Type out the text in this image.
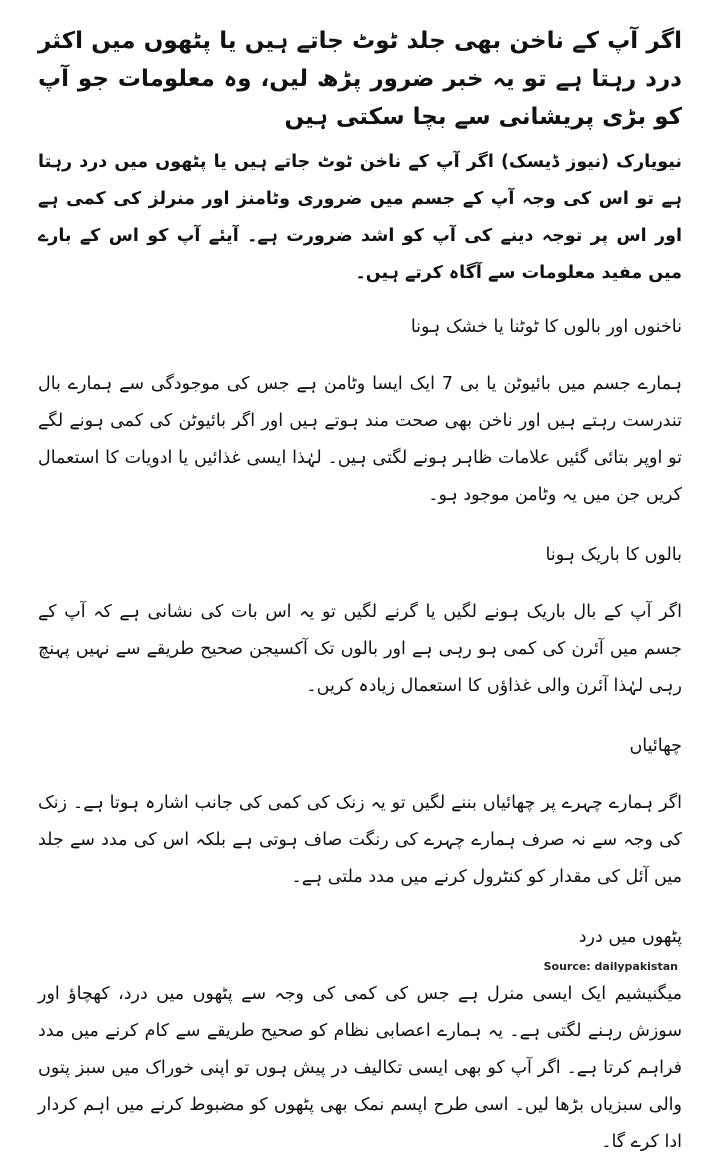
اگر آپ کے ناخن بھی جلد ٹوٹ جاتے ہیں یا پٹھوں میں اکثر درد رہتا ہے تو یہ خبر ضرور پڑھ لیں، وہ معلومات جو آپ کو بڑی پریشانی سے بچا سکتی ہیں
نیویارک (نیوز ڈیسک) اگر آپ کے ناخن ٹوٹ جاتے ہیں یا پٹھوں میں درد رہتا ہے تو اس کی وجہ آپ کے جسم میں ضروری وٹامنز اور منرلز کی کمی ہے اور اس پر توجہ دینے کی آپ کو اشد ضرورت ہے۔ آیئے آپ کو اس کے بارے میں مفید معلومات سے آگاہ کرتے ہیں۔
ناخنوں اور بالوں کا ٹوٹنا یا خشک ہونا
ہمارے جسم میں بائیوٹن یا بی 7 ایک ایسا وٹامن ہے جس کی موجودگی سے ہمارے بال تندرست رہتے ہیں اور ناخن بھی صحت مند ہوتے ہیں اور اگر بائیوٹن کی کمی ہونے لگے تو اوپر بتائی گئیں علامات ظاہر ہونے لگتی ہیں۔ لہٰذا ایسی غذائیں یا ادویات کا استعمال کریں جن میں یہ وٹامن موجود ہو۔
بالوں کا باریک ہونا
اگر آپ کے بال باریک ہونے لگیں یا گرنے لگیں تو یہ اس بات کی نشانی ہے کہ آپ کے جسم میں آئرن کی کمی ہو رہی ہے اور بالوں تک آکسیجن صحیح طریقے سے نہیں پہنچ رہی لہٰذا آئرن والی غذاؤں کا استعمال زیادہ کریں۔
چھائیاں
اگر ہمارے چہرے پر چھائیاں بننے لگیں تو یہ زنک کی کمی کی جانب اشارہ ہوتا ہے۔ زنک کی وجہ سے نہ صرف ہمارے چہرے کی رنگت صاف ہوتی ہے بلکہ اس کی مدد سے جلد میں آئل کی مقدار کو کنٹرول کرنے میں مدد ملتی ہے۔
پٹھوں میں درد
میگنیشیم ایک ایسی منرل ہے جس کی کمی کی وجہ سے پٹھوں میں درد، کھچاؤ اور سوزش رہنے لگتی ہے۔ یہ ہمارے اعصابی نظام کو صحیح طریقے سے کام کرنے میں مدد فراہم کرتا ہے۔ اگر آپ کو بھی ایسی تکالیف در پیش ہوں تو اپنی خوراک میں سبز پتوں والی سبزیاں بڑھا لیں۔ اسی طرح اپسم نمک بھی پٹھوں کو مضبوط کرنے میں اہم کردار ادا کرے گا۔
Source: dailypakistan
